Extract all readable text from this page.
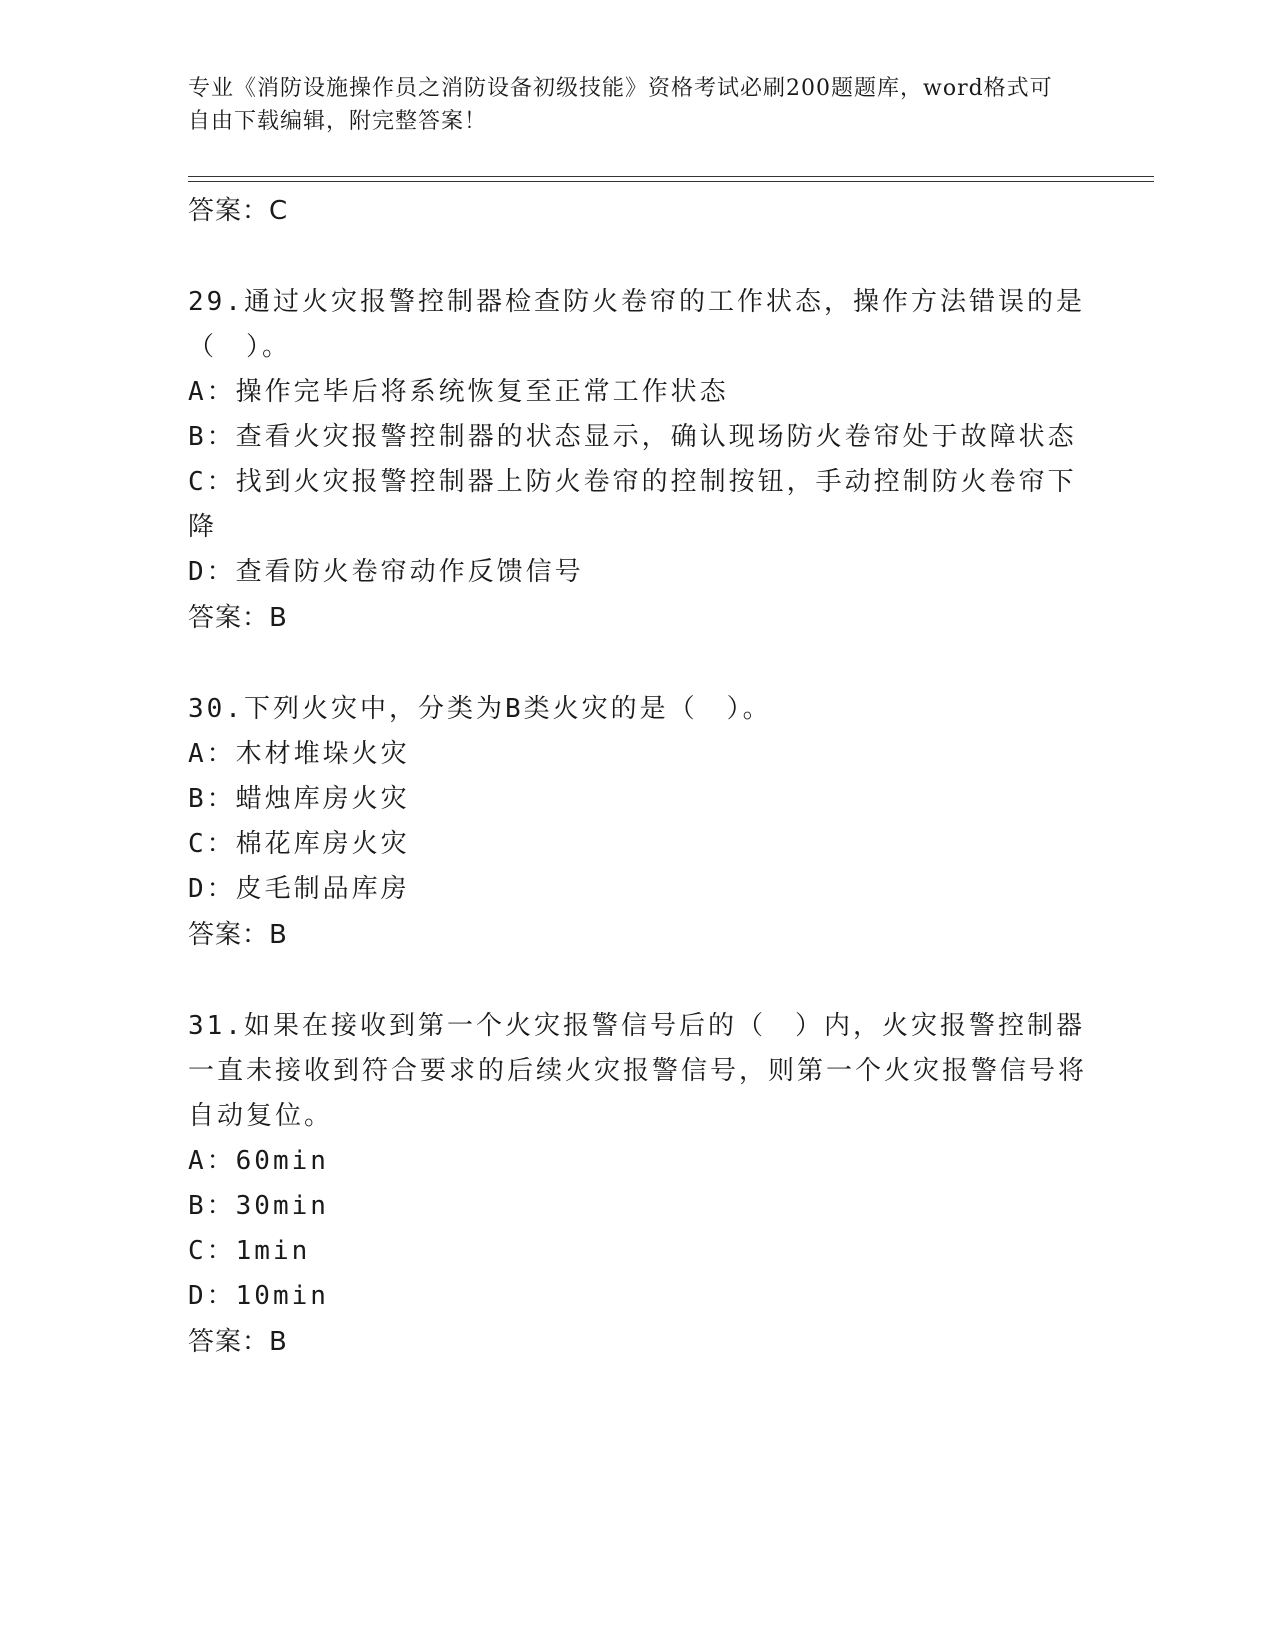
专业《消防设施操作员之消防设备初级技能》资格考试必刷200题题库，word格式可自由下载编辑，附完整答案！
答案：C
29.通过火灾报警控制器检查防火卷帘的工作状态，操作方法错误的是（　）。
A：操作完毕后将系统恢复至正常工作状态
B：查看火灾报警控制器的状态显示，确认现场防火卷帘处于故障状态
C：找到火灾报警控制器上防火卷帘的控制按钮，手动控制防火卷帘下降
D：查看防火卷帘动作反馈信号
答案：B
30.下列火灾中，分类为B类火灾的是（　）。
A：木材堆垛火灾
B：蜡烛库房火灾
C：棉花库房火灾
D：皮毛制品库房
答案：B
31.如果在接收到第一个火灾报警信号后的（　）内，火灾报警控制器一直未接收到符合要求的后续火灾报警信号，则第一个火灾报警信号将自动复位。
A：60min
B：30min
C：1min
D：10min
答案：B
